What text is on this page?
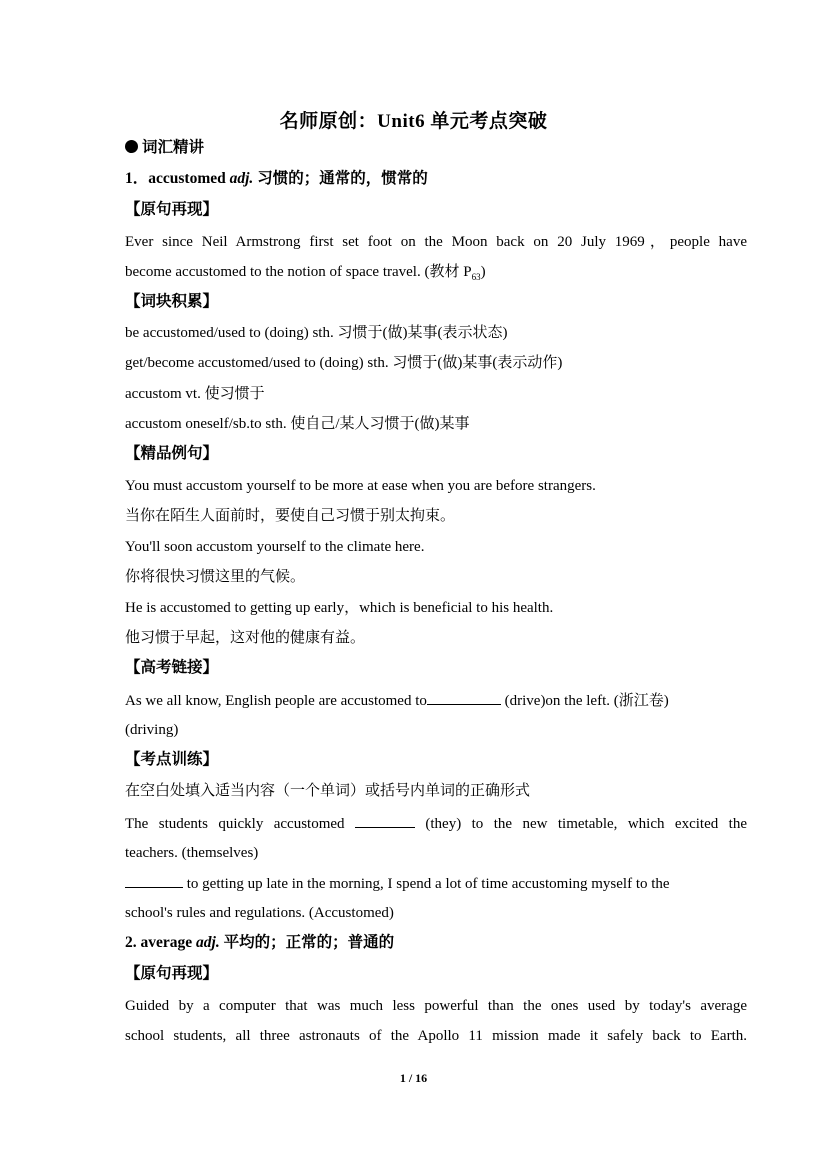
名师原创：Unit6 单元考点突破
词汇精讲
1．accustomed adj. 习惯的；通常的，惯常的
【原句再现】
Ever since Neil Armstrong first set foot on the Moon back on 20 July 1969，people have
become accustomed to the notion of space travel. (教材 $P_{63}$)
【词块积累】
be accustomed/used to (doing) sth. 习惯于(做)某事(表示状态)
get/become accustomed/used to (doing) sth. 习惯于(做)某事(表示动作)
accustom vt. 使习惯于
accustom oneself/sb.to sth. 使自己/某人习惯于(做)某事
【精品例句】
You must accustom yourself to be more at ease when you are before strangers.
当你在陌生人面前时，要使自己习惯于别太拘束。
You'll soon accustom yourself to the climate here.
你将很快习惯这里的气候。
He is accustomed to getting up early，which is beneficial to his health.
他习惯于早起，这对他的健康有益。
【高考链接】
As we all know, English people are accustomed to	(drive)on the left. (浙江卷)
(driving)
【考点训练】
在空白处填入适当内容（一个单词）或括号内单词的正确形式
The students quickly accustomed	(they) to the new timetable, which excited the
teachers. (themselves)
to getting up late in the morning, I spend a lot of time accustoming myself to the
school's rules and regulations. (Accustomed)
2. average adj. 平均的；正常的；普通的
【原句再现】
Guided by a computer that was much less powerful than the ones used by today's average
school students, all three astronauts of the Apollo 11 mission made it safely back to Earth.
1 / 16
